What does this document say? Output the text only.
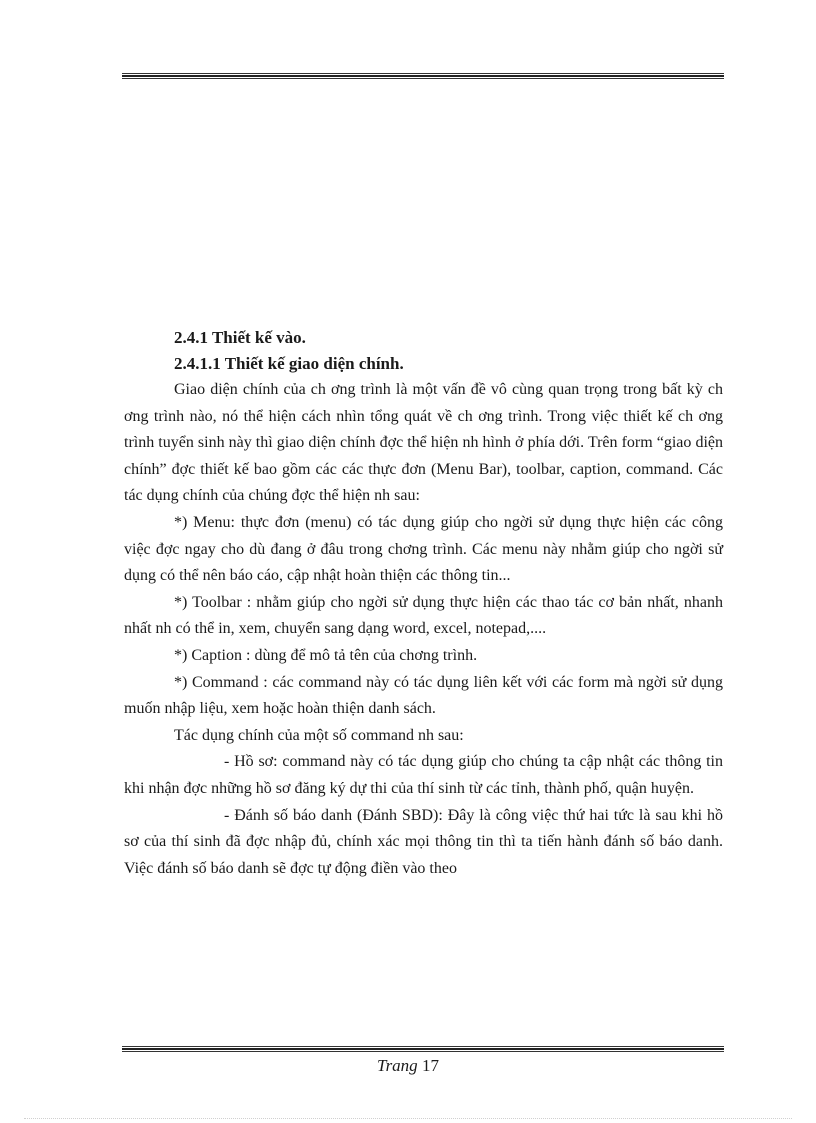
2.4.1 Thiết kế vào.

2.4.1.1 Thiết kế giao diện chính.

Giao diện chính của ch ơng trình là một vấn đề vô cùng quan trọng trong bất kỳ ch ơng trình nào, nó thể hiện cách nhìn tổng quát về ch ơng trình. Trong việc thiết kế ch ơng trình tuyển sinh này thì giao diện chính đợc thể hiện nh hình ở phía dới. Trên form “giao diện chính” đợc thiết kế bao gồm các các thực đơn (Menu Bar), toolbar, caption, command. Các tác dụng chính của chúng đợc thể hiện nh sau:

*) Menu: thực đơn (menu) có tác dụng giúp cho ngời sử dụng thực hiện các công việc đợc ngay cho dù đang ở đâu trong chơng trình. Các menu này nhằm giúp cho ngời sử dụng có thể nên báo cáo, cập nhật hoàn thiện các thông tin...

*) Toolbar : nhằm giúp cho ngời sử dụng thực hiện các thao tác cơ bản nhất, nhanh nhất nh có thể in, xem, chuyển sang dạng word, excel, notepad,....

*) Caption : dùng để mô tả tên của chơng trình.

*) Command : các command này có tác dụng liên kết với các form mà ngời sử dụng muốn nhập liệu, xem hoặc hoàn thiện danh sách.

Tác dụng chính của một số command nh sau:

- Hồ sơ: command này có tác dụng giúp cho chúng ta cập nhật các thông tin khi nhận đợc những hồ sơ đăng ký dự thi của thí sinh từ các tỉnh, thành phố, quận huyện.

- Đánh số báo danh (Đánh SBD): Đây là công việc thứ hai tức là sau khi hồ sơ của thí sinh đã đợc nhập đủ, chính xác mọi thông tin thì ta tiến hành đánh số báo danh. Việc đánh số báo danh sẽ đợc tự động điền vào theo

Trang 17
